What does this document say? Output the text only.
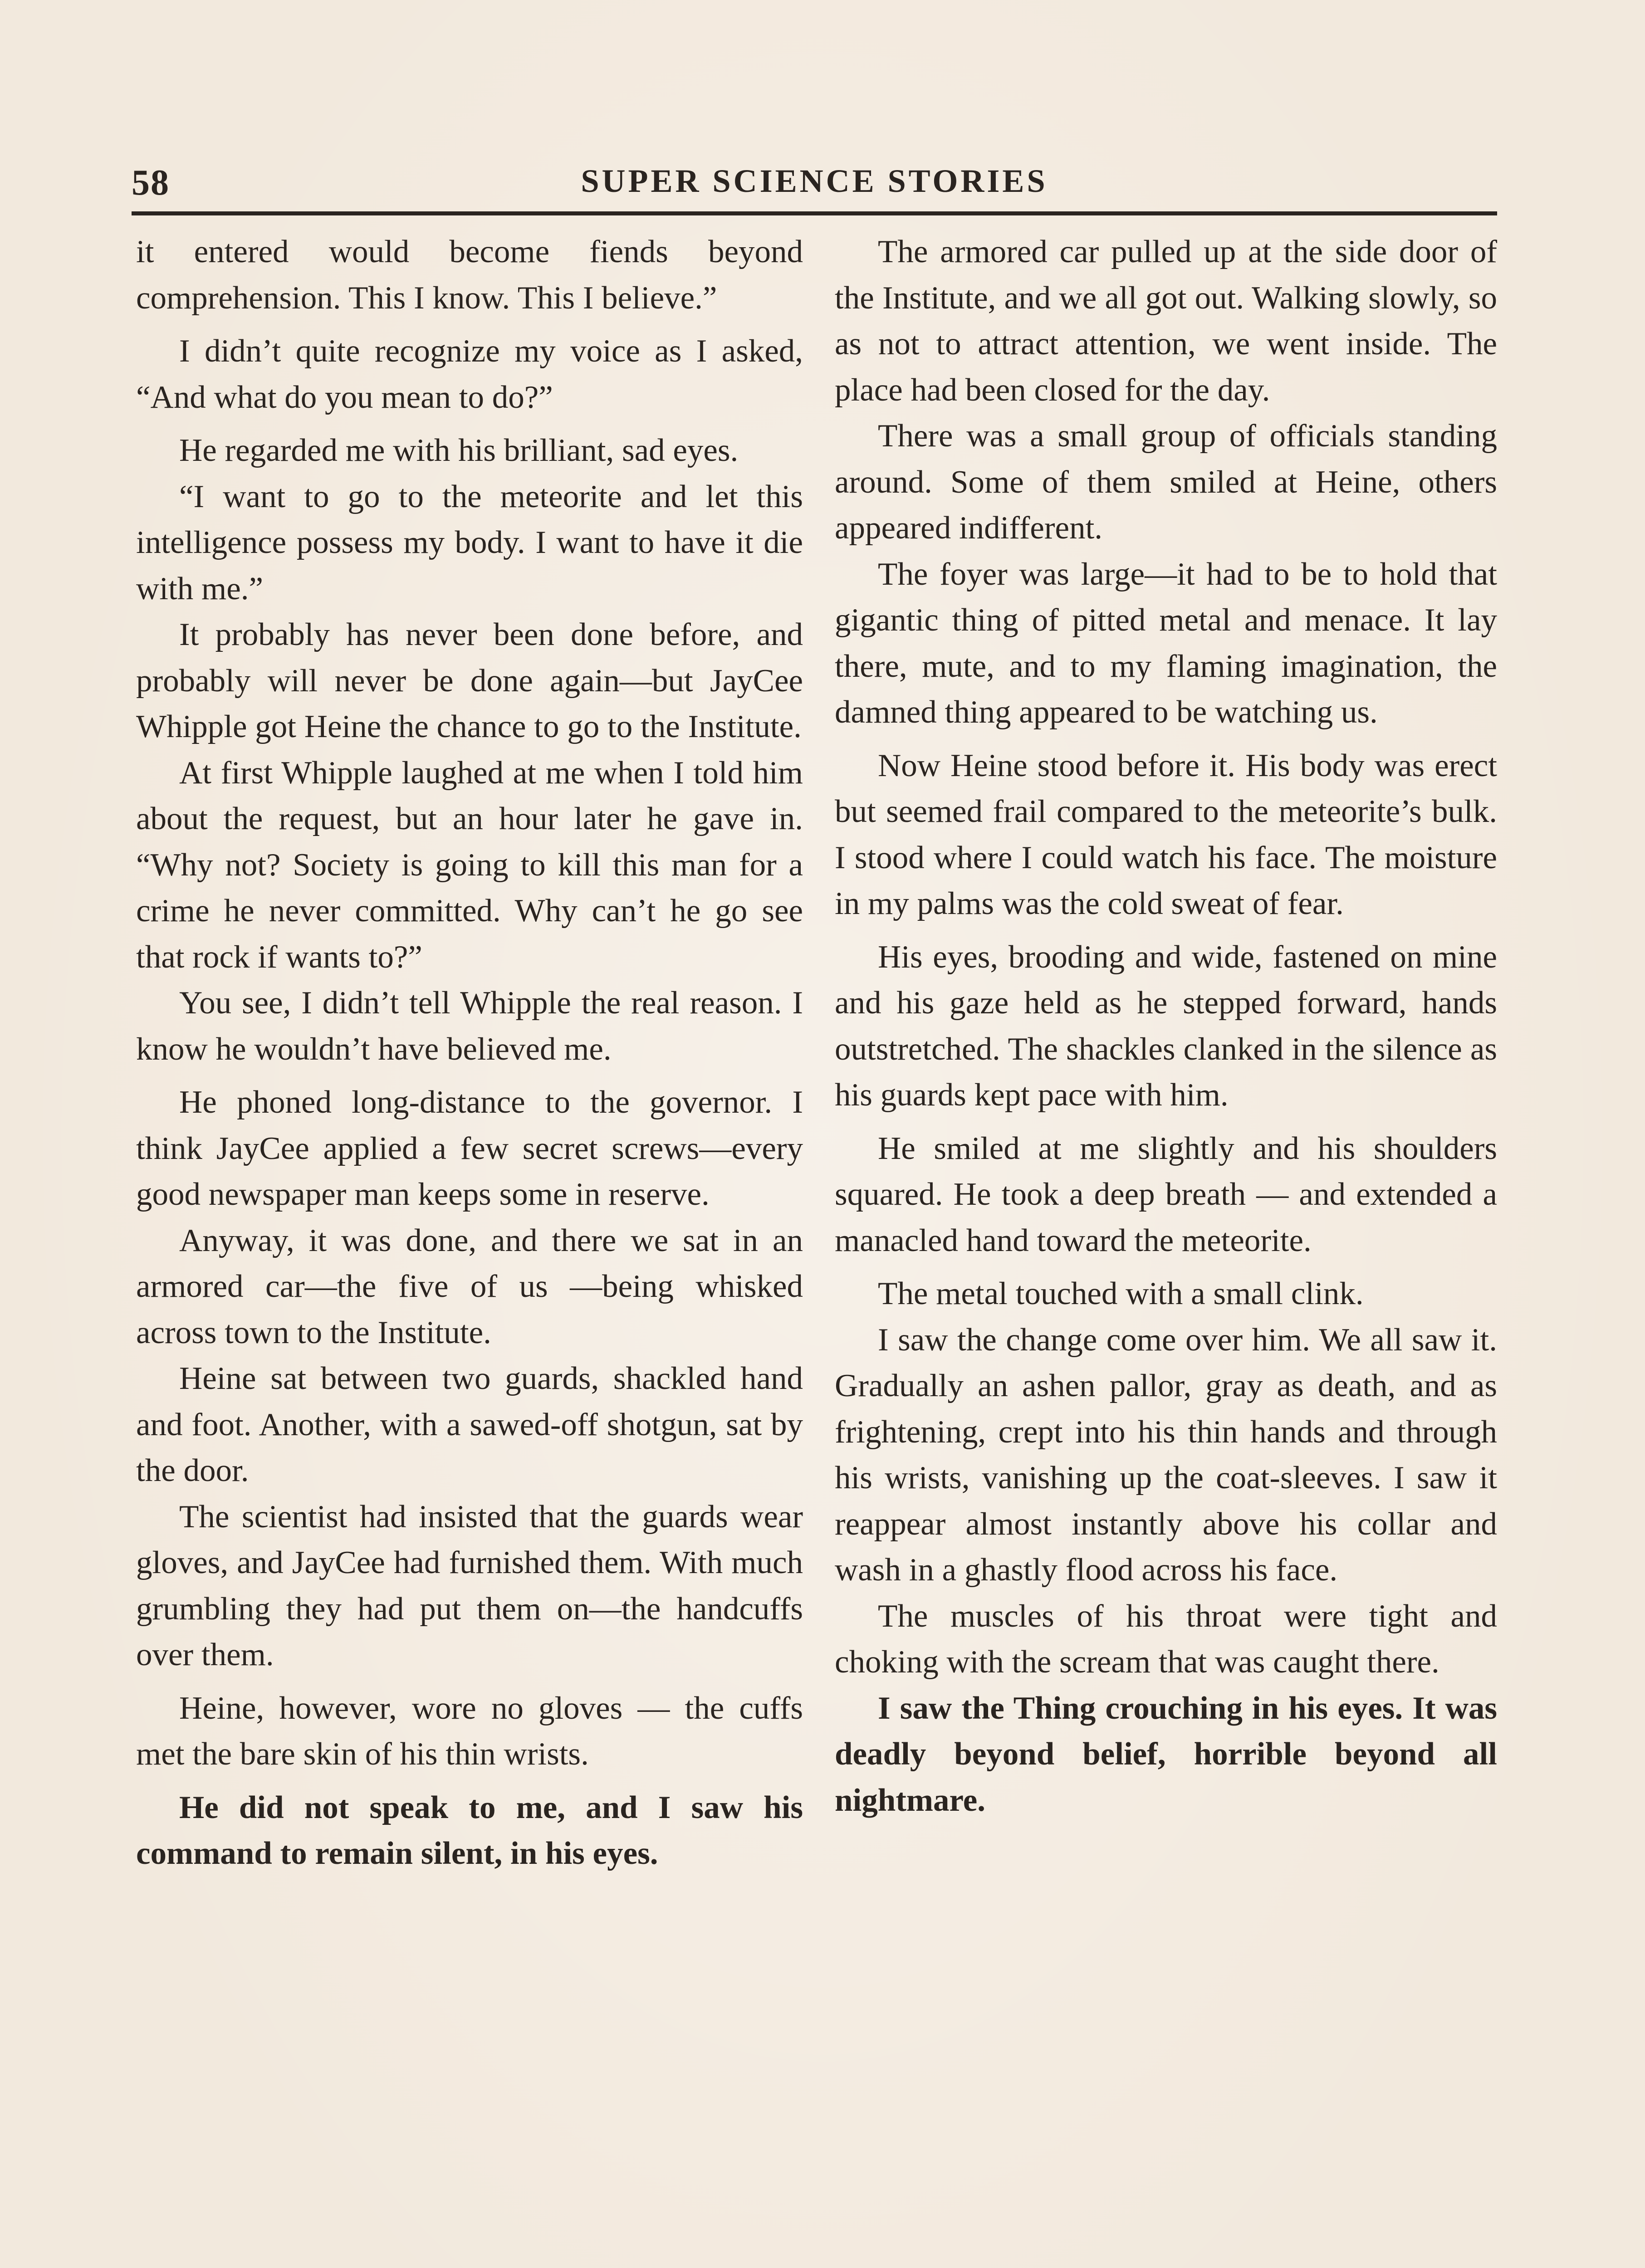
58	SUPER SCIENCE STORIES

it entered would become fiends beyond comprehension. This I know. This I believe.”

I didn’t quite recognize my voice as I asked, “And what do you mean to do?”

He regarded me with his brilliant, sad eyes.

“I want to go to the meteorite and let this intelligence possess my body. I want to have it die with me.”

It probably has never been done before, and probably will never be done again—but JayCee Whipple got Heine the chance to go to the Institute.

At first Whipple laughed at me when I told him about the request, but an hour later he gave in. “Why not? Society is going to kill this man for a crime he never committed. Why can’t he go see that rock if wants to?”

You see, I didn’t tell Whipple the real reason. I know he wouldn’t have believed me.

He phoned long-distance to the governor. I think JayCee applied a few secret screws—every good newspaper man keeps some in reserve.

Anyway, it was done, and there we sat in an armored car—the five of us —being whisked across town to the Institute.

Heine sat between two guards, shackled hand and foot. Another, with a sawed-off shotgun, sat by the door.

The scientist had insisted that the guards wear gloves, and JayCee had furnished them. With much grumbling they had put them on—the handcuffs over them.

Heine, however, wore no gloves — the cuffs met the bare skin of his thin wrists.

He did not speak to me, and I saw his command to remain silent, in his eyes.

The armored car pulled up at the side door of the Institute, and we all got out. Walking slowly, so as not to attract attention, we went inside. The place had been closed for the day.

There was a small group of officials standing around. Some of them smiled at Heine, others appeared indifferent.

The foyer was large—it had to be to hold that gigantic thing of pitted metal and menace. It lay there, mute, and to my flaming imagination, the damned thing appeared to be watching us.

Now Heine stood before it. His body was erect but seemed frail compared to the meteorite’s bulk. I stood where I could watch his face. The moisture in my palms was the cold sweat of fear.

His eyes, brooding and wide, fastened on mine and his gaze held as he stepped forward, hands outstretched. The shackles clanked in the silence as his guards kept pace with him.

He smiled at me slightly and his shoulders squared. He took a deep breath — and extended a manacled hand toward the meteorite.

The metal touched with a small clink.

I saw the change come over him. We all saw it. Gradually an ashen pallor, gray as death, and as frightening, crept into his thin hands and through his wrists, vanishing up the coat-sleeves. I saw it reappear almost instantly above his collar and wash in a ghastly flood across his face.

The muscles of his throat were tight and choking with the scream that was caught there.

I saw the Thing crouching in his eyes. It was deadly beyond belief, horrible beyond all nightmare.
